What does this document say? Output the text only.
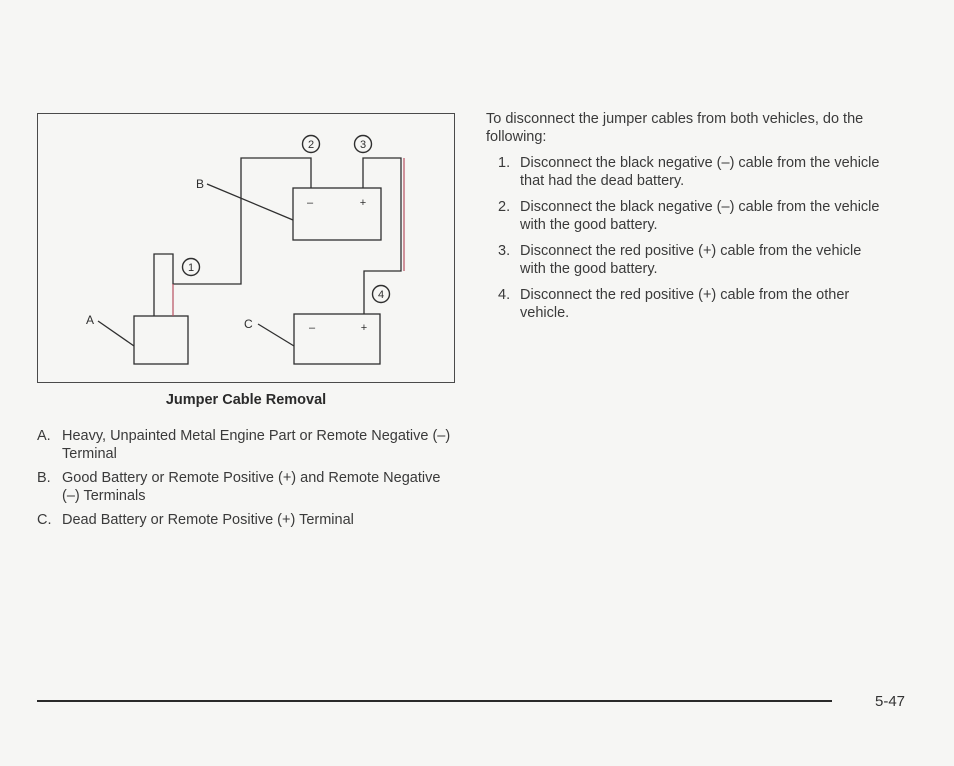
–	+
–	+
B
A	C
2	3
1
4
Jumper Cable Removal
A. Heavy, Unpainted Metal Engine Part or Remote Negative (–) Terminal
B. Good Battery or Remote Positive (+) and Remote Negative (–) Terminals
C. Dead Battery or Remote Positive (+) Terminal

To disconnect the jumper cables from both vehicles, do the following:

1. Disconnect the black negative (–) cable from the vehicle that had the dead battery.
2. Disconnect the black negative (–) cable from the vehicle with the good battery.
3. Disconnect the red positive (+) cable from the vehicle with the good battery.
4. Disconnect the red positive (+) cable from the other vehicle.
5-47
